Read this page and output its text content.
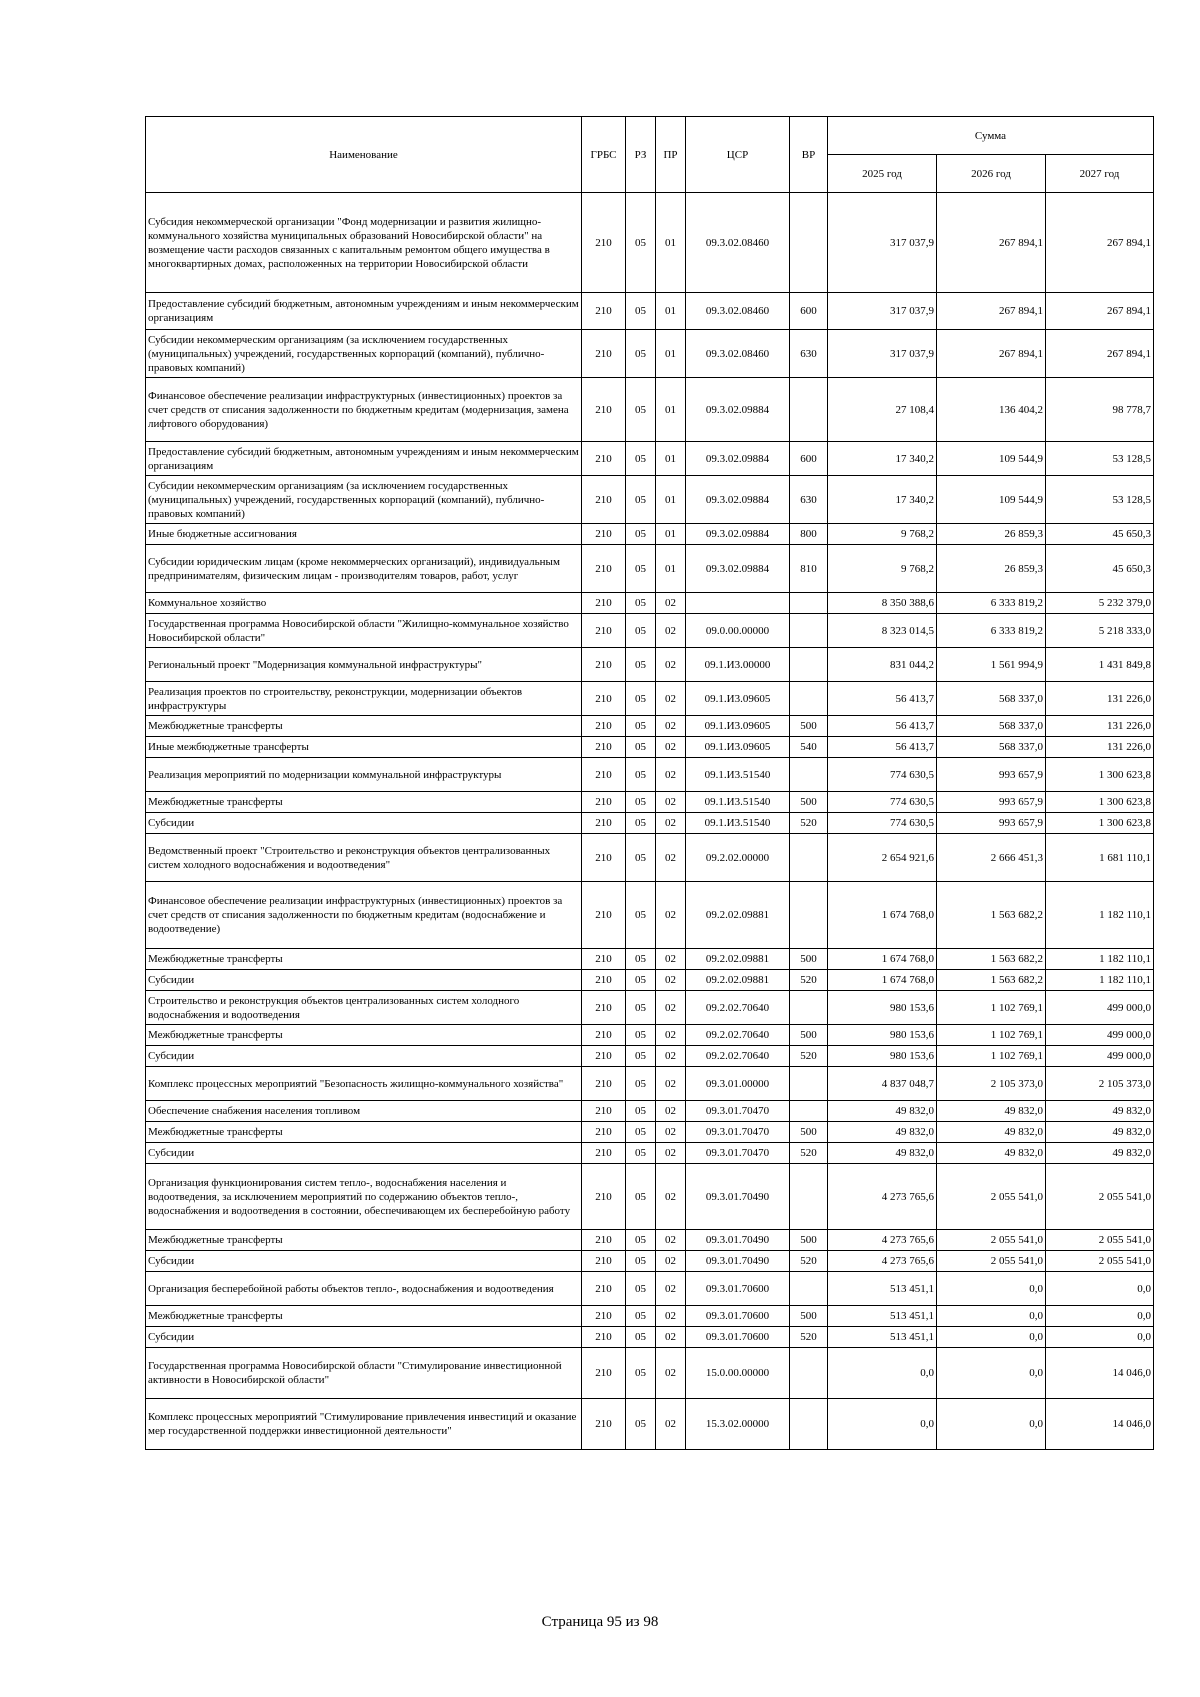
Наименование	ГРБС	РЗ	ПР	ЦСР	ВР	Сумма		
						2025 год	2026 год	2027 год
Субсидия некоммерческой организации "Фонд модернизации и развития жилищно-коммунального хозяйства муниципальных образований Новосибирской области" на возмещение части расходов связанных с капитальным ремонтом общего имущества в многоквартирных домах, расположенных на территории Новосибирской области	210	05	01	09.3.02.08460		317 037,9	267 894,1	267 894,1
Предоставление субсидий бюджетным, автономным учреждениям и иным некоммерческим организациям	210	05	01	09.3.02.08460	600	317 037,9	267 894,1	267 894,1
Субсидии некоммерческим организациям (за исключением государственных (муниципальных) учреждений, государственных корпораций (компаний), публично-правовых компаний)	210	05	01	09.3.02.08460	630	317 037,9	267 894,1	267 894,1
Финансовое обеспечение реализации инфраструктурных (инвестиционных) проектов за счет средств от списания задолженности по бюджетным кредитам (модернизация, замена лифтового оборудования)	210	05	01	09.3.02.09884		27 108,4	136 404,2	98 778,7
Предоставление субсидий бюджетным, автономным учреждениям и иным некоммерческим организациям	210	05	01	09.3.02.09884	600	17 340,2	109 544,9	53 128,5
Субсидии некоммерческим организациям (за исключением государственных (муниципальных) учреждений, государственных корпораций (компаний), публично-правовых компаний)	210	05	01	09.3.02.09884	630	17 340,2	109 544,9	53 128,5
Иные бюджетные ассигнования	210	05	01	09.3.02.09884	800	9 768,2	26 859,3	45 650,3
Субсидии юридическим лицам (кроме некоммерческих организаций), индивидуальным предпринимателям, физическим лицам - производителям товаров, работ, услуг	210	05	01	09.3.02.09884	810	9 768,2	26 859,3	45 650,3
Коммунальное хозяйство	210	05	02			8 350 388,6	6 333 819,2	5 232 379,0
Государственная программа Новосибирской области "Жилищно-коммунальное хозяйство Новосибирской области"	210	05	02	09.0.00.00000		8 323 014,5	6 333 819,2	5 218 333,0
Региональный проект "Модернизация коммунальной инфраструктуры"	210	05	02	09.1.И3.00000		831 044,2	1 561 994,9	1 431 849,8
Реализация проектов по строительству, реконструкции, модернизации объектов инфраструктуры	210	05	02	09.1.И3.09605		56 413,7	568 337,0	131 226,0
Межбюджетные трансферты	210	05	02	09.1.И3.09605	500	56 413,7	568 337,0	131 226,0
Иные межбюджетные трансферты	210	05	02	09.1.И3.09605	540	56 413,7	568 337,0	131 226,0
Реализация мероприятий по модернизации коммунальной инфраструктуры	210	05	02	09.1.И3.51540		774 630,5	993 657,9	1 300 623,8
Межбюджетные трансферты	210	05	02	09.1.И3.51540	500	774 630,5	993 657,9	1 300 623,8
Субсидии	210	05	02	09.1.И3.51540	520	774 630,5	993 657,9	1 300 623,8
Ведомственный проект "Строительство и реконструкция объектов централизованных систем холодного водоснабжения и водоотведения"	210	05	02	09.2.02.00000		2 654 921,6	2 666 451,3	1 681 110,1
Финансовое обеспечение реализации инфраструктурных (инвестиционных) проектов за счет средств от списания задолженности по бюджетным кредитам (водоснабжение и водоотведение)	210	05	02	09.2.02.09881		1 674 768,0	1 563 682,2	1 182 110,1
Межбюджетные трансферты	210	05	02	09.2.02.09881	500	1 674 768,0	1 563 682,2	1 182 110,1
Субсидии	210	05	02	09.2.02.09881	520	1 674 768,0	1 563 682,2	1 182 110,1
Строительство и реконструкция объектов централизованных систем холодного водоснабжения и водоотведения	210	05	02	09.2.02.70640		980 153,6	1 102 769,1	499 000,0
Межбюджетные трансферты	210	05	02	09.2.02.70640	500	980 153,6	1 102 769,1	499 000,0
Субсидии	210	05	02	09.2.02.70640	520	980 153,6	1 102 769,1	499 000,0
Комплекс процессных мероприятий "Безопасность жилищно-коммунального хозяйства"	210	05	02	09.3.01.00000		4 837 048,7	2 105 373,0	2 105 373,0
Обеспечение снабжения населения топливом	210	05	02	09.3.01.70470		49 832,0	49 832,0	49 832,0
Межбюджетные трансферты	210	05	02	09.3.01.70470	500	49 832,0	49 832,0	49 832,0
Субсидии	210	05	02	09.3.01.70470	520	49 832,0	49 832,0	49 832,0
Организация функционирования систем тепло-, водоснабжения населения и водоотведения, за исключением мероприятий по содержанию объектов тепло-, водоснабжения и водоотведения в состоянии, обеспечивающем их бесперебойную работу	210	05	02	09.3.01.70490		4 273 765,6	2 055 541,0	2 055 541,0
Межбюджетные трансферты	210	05	02	09.3.01.70490	500	4 273 765,6	2 055 541,0	2 055 541,0
Субсидии	210	05	02	09.3.01.70490	520	4 273 765,6	2 055 541,0	2 055 541,0
Организация бесперебойной работы объектов тепло-, водоснабжения и водоотведения	210	05	02	09.3.01.70600		513 451,1	0,0	0,0
Межбюджетные трансферты	210	05	02	09.3.01.70600	500	513 451,1	0,0	0,0
Субсидии	210	05	02	09.3.01.70600	520	513 451,1	0,0	0,0
Государственная программа Новосибирской области "Стимулирование инвестиционной активности в Новосибирской области"	210	05	02	15.0.00.00000		0,0	0,0	14 046,0
Комплекс процессных мероприятий "Стимулирование привлечения инвестиций и оказание мер государственной поддержки инвестиционной деятельности"	210	05	02	15.3.02.00000		0,0	0,0	14 046,0
Страница 95 из 98
